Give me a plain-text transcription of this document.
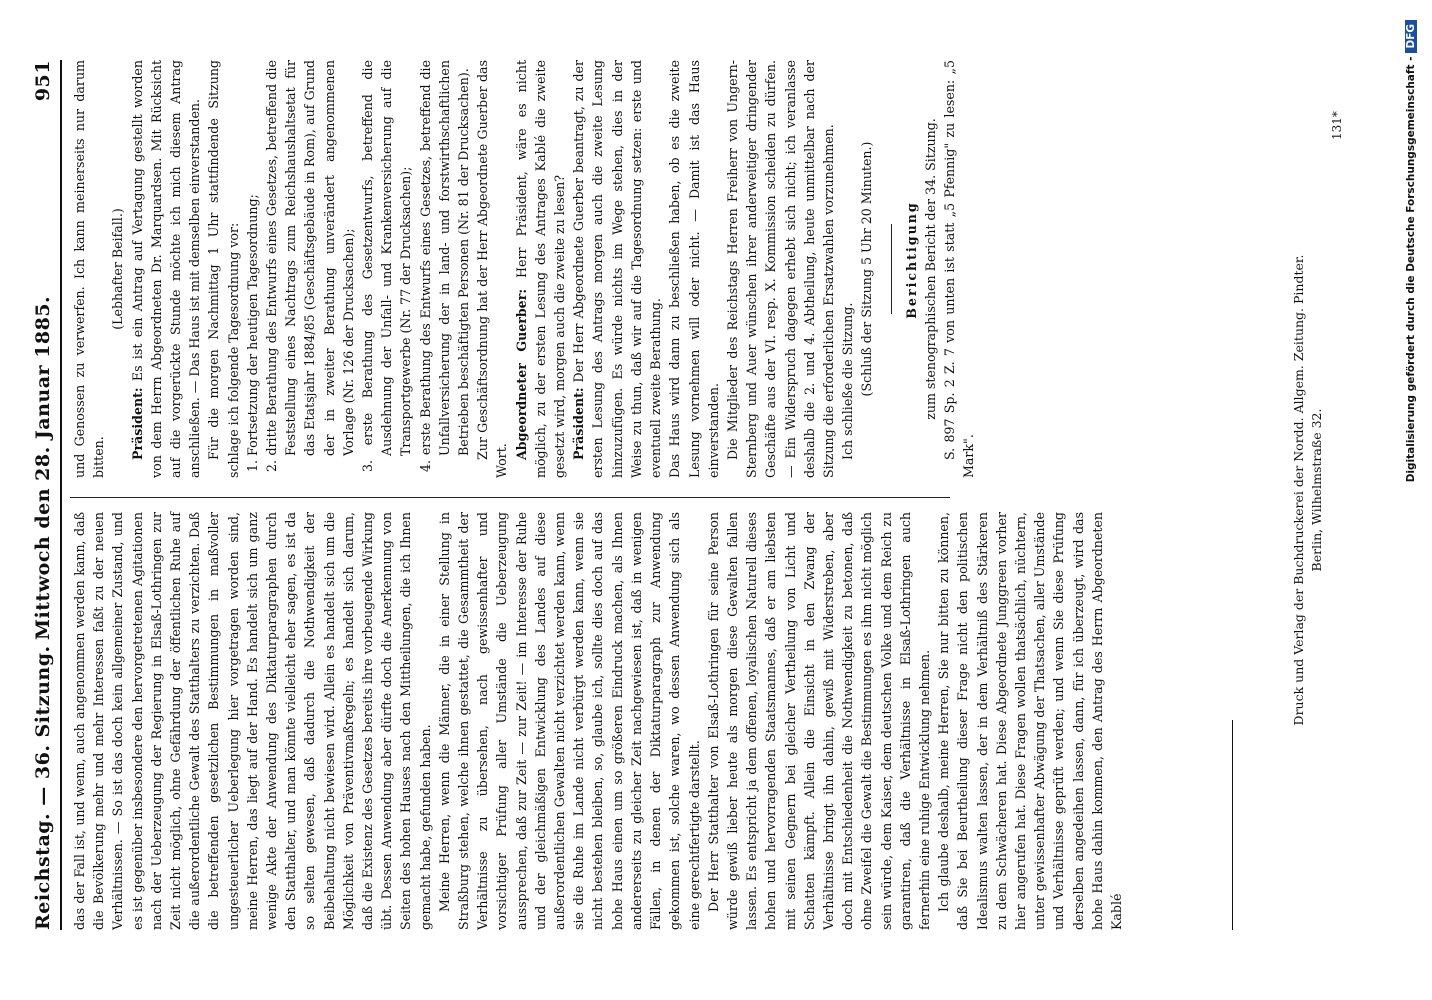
Reichstag. — 36. Sitzung.
Mittwoch den 28. Januar 1885.
951

das der Fall ist, und wenn, auch angenommen werden kann, daß die Bevölkerung mehr und mehr Interessen faßt zu der neuen Verhältnissen. — So ist das doch kein allgemeiner Zustand, und es ist gegenüber insbesondere den hervorgetretenen Agitationen nach der Ueberzeugung der Regierung in Elsaß-Lothringen zur Zeit nicht möglich, ohne Gefährdung der öffentlichen Ruhe auf die außerordentliche Gewalt des Statthalters zu verzichten. Daß die betreffenden gesetzlichen Bestimmungen in maßvoller ungesteuerlicher Ueberlegung hier vorgetragen worden sind, meine Herren, das liegt auf der Hand. Es handelt sich um ganz wenige Akte der Anwendung des Diktaturparagraphen durch den Statthalter, und man könnte vielleicht eher sagen, es ist da so selten gewesen, daß dadurch die Nothwendigkeit der Beibehaltung nicht bewiesen wird. Allein es handelt sich um die Möglichkeit von Präventivmaßregeln; es handelt sich darum, daß die Existenz des Gesetzes bereits ihre vorbeugende Wirkung übt. Dessen Anwendung aber dürfte doch die Anerkennung von Seiten des hohen Hauses nach den Mittheilungen, die ich Ihnen gemacht habe, gefunden haben. Meine Herren, wenn die Männer, die in einer Stellung in Straßburg stehen, welche ihnen gestattet, die Gesammtheit der Verhältnisse zu übersehen, nach gewissenhafter und vorsichtiger Prüfung aller Umstände die Ueberzeugung aussprechen, daß zur Zeit — zur Zeit! — im Interesse der Ruhe und der gleichmäßigen Entwicklung des Landes auf diese außerordentlichen Gewalten nicht verzichtet werden kann, wenn sie die Ruhe im Lande nicht verbürgt werden kann, wenn sie nicht bestehen bleiben, so, glaube ich, sollte dies doch auf das hohe Haus einen um so größeren Eindruck machen, als Ihnen andererseits zu gleicher Zeit nachgewiesen ist, daß in wenigen Fällen, in denen der Diktaturparagraph zur Anwendung gekommen ist, solche waren, wo dessen Anwendung sich als eine gerechtfertigte darstellt. Der Herr Statthalter von Elsaß-Lothringen für seine Person würde gewiß lieber heute als morgen diese Gewalten fallen lassen. Es entspricht ja dem offenen, loyalischen Naturell dieses hohen und hervorragenden Staatsmannes, daß er am liebsten mit seinen Gegnern bei gleicher Vertheilung von Licht und Schatten kämpft. Allein die Einsicht in den Zwang der Verhältnisse bringt ihn dahin, gewiß mit Widerstreben, aber doch mit Entschiedenheit die Nothwendigkeit zu betonen, daß ohne Zweifel die Gewalt die Bestimmungen es ihm nicht möglich sein würde, dem Kaiser, dem deutschen Volke und dem Reich zu garantiren, daß die Verhältnisse in Elsaß-Lothringen auch fernerhin eine ruhige Entwicklung nehmen. Ich glaube deshalb, meine Herren, Sie nur bitten zu können, daß Sie bei Beurtheilung dieser Frage nicht den politischen Idealismus walten lassen, der in dem Verhältniß des Stärkeren zu dem Schwächeren hat. Diese Abgeordnete Junggreen vorher hier angerufen hat. Diese Fragen wollen thatsächlich, nüchtern, unter gewissenhafter Abwägung der Thatsachen, aller Umstände und Verhältnisse geprüft werden; und wenn Sie diese Prüfung derselben angedeihen lassen, dann, für ich überzeugt, wird das hohe Haus dahin kommen, den Antrag des Herrn Abgeordneten Kablé

und Genossen zu verwerfen. Ich kann meinerseits nur darum bitten.

(Lebhafter Beifall.)

Präsident: Es ist ein Antrag auf Vertagung gestellt worden von dem Herrn Abgeordneten Dr. Marquardsen. Mit Rücksicht auf die vorgerückte Stunde möchte ich mich diesem Antrag anschließen. — Das Haus ist mit demselben einverstanden. Für die morgen Nachmittag 1 Uhr stattfindende Sitzung schlage ich folgende Tagesordnung vor: 1. Fortsetzung der heutigen Tagesordnung; 2. dritte Berathung des Entwurfs eines Gesetzes, betreffend die Feststellung eines Nachtrags zum Reichshaushaltsetat für das Etatsjahr 1884/85 (Geschäftsgebäude in Rom), auf Grund der in zweiter Berathung unverändert angenommenen Vorlage (Nr. 126 der Drucksachen); 3. erste Berathung des Gesetzentwurfs, betreffend die Ausdehnung der Unfall- und Krankenversicherung auf die Transportgewerbe (Nr. 77 der Drucksachen); 4. erste Berathung des Entwurfs eines Gesetzes, betreffend die Unfallversicherung der in land- und forstwirthschaftlichen Betrieben beschäftigten Personen (Nr. 81 der Drucksachen). Zur Geschäftsordnung hat der Herr Abgeordnete Guerber das Wort.

Abgeordneter Guerber: Herr Präsident, wäre es nicht möglich, zu der ersten Lesung des Antrages Kablé die zweite gesetzt wird, morgen auch die zweite zu lesen? Präsident: Der Herr Abgeordnete Guerber beantragt, zu der ersten Lesung des Antrags morgen auch die zweite Lesung hinzuzufügen. Es würde nichts im Wege stehen, dies in der Weise zu thun, daß wir auf die Tagesordnung setzen: erste und eventuell zweite Berathung. Das Haus wird dann zu beschließen haben, ob es die zweite Lesung vornehmen will oder nicht. — Damit ist das Haus einverstanden. Die Mitglieder des Reichstags Herren Freiherr von Ungern-Sternberg und Auer wünschen ihrer anderweitiger dringender Geschäfte aus der VI. resp. X. Kommission scheiden zu dürfen. — Ein Widerspruch dagegen erhebt sich nicht; ich veranlasse deshalb die 2. und 4. Abtheilung, heute unmittelbar nach der Sitzung die erforderlichen Ersatzwahlen vorzunehmen. Ich schließe die Sitzung. (Schluß der Sitzung 5 Uhr 20 Minuten.) Berichtigung zum stenographischen Bericht der 34. Sitzung. S. 897 Sp. 2 Z. 7 von unten ist statt „5 Pfennig" zu lesen: „5 Mark".	Druck und Verlag der Buchdruckerei der Nordd. Allgem. Zeitung. Pindter. Berlin, Wilhelmstraße 32.
131*	Digitalisierung gefördert durch die Deutsche Forschungsgemeinschaft -DFG
